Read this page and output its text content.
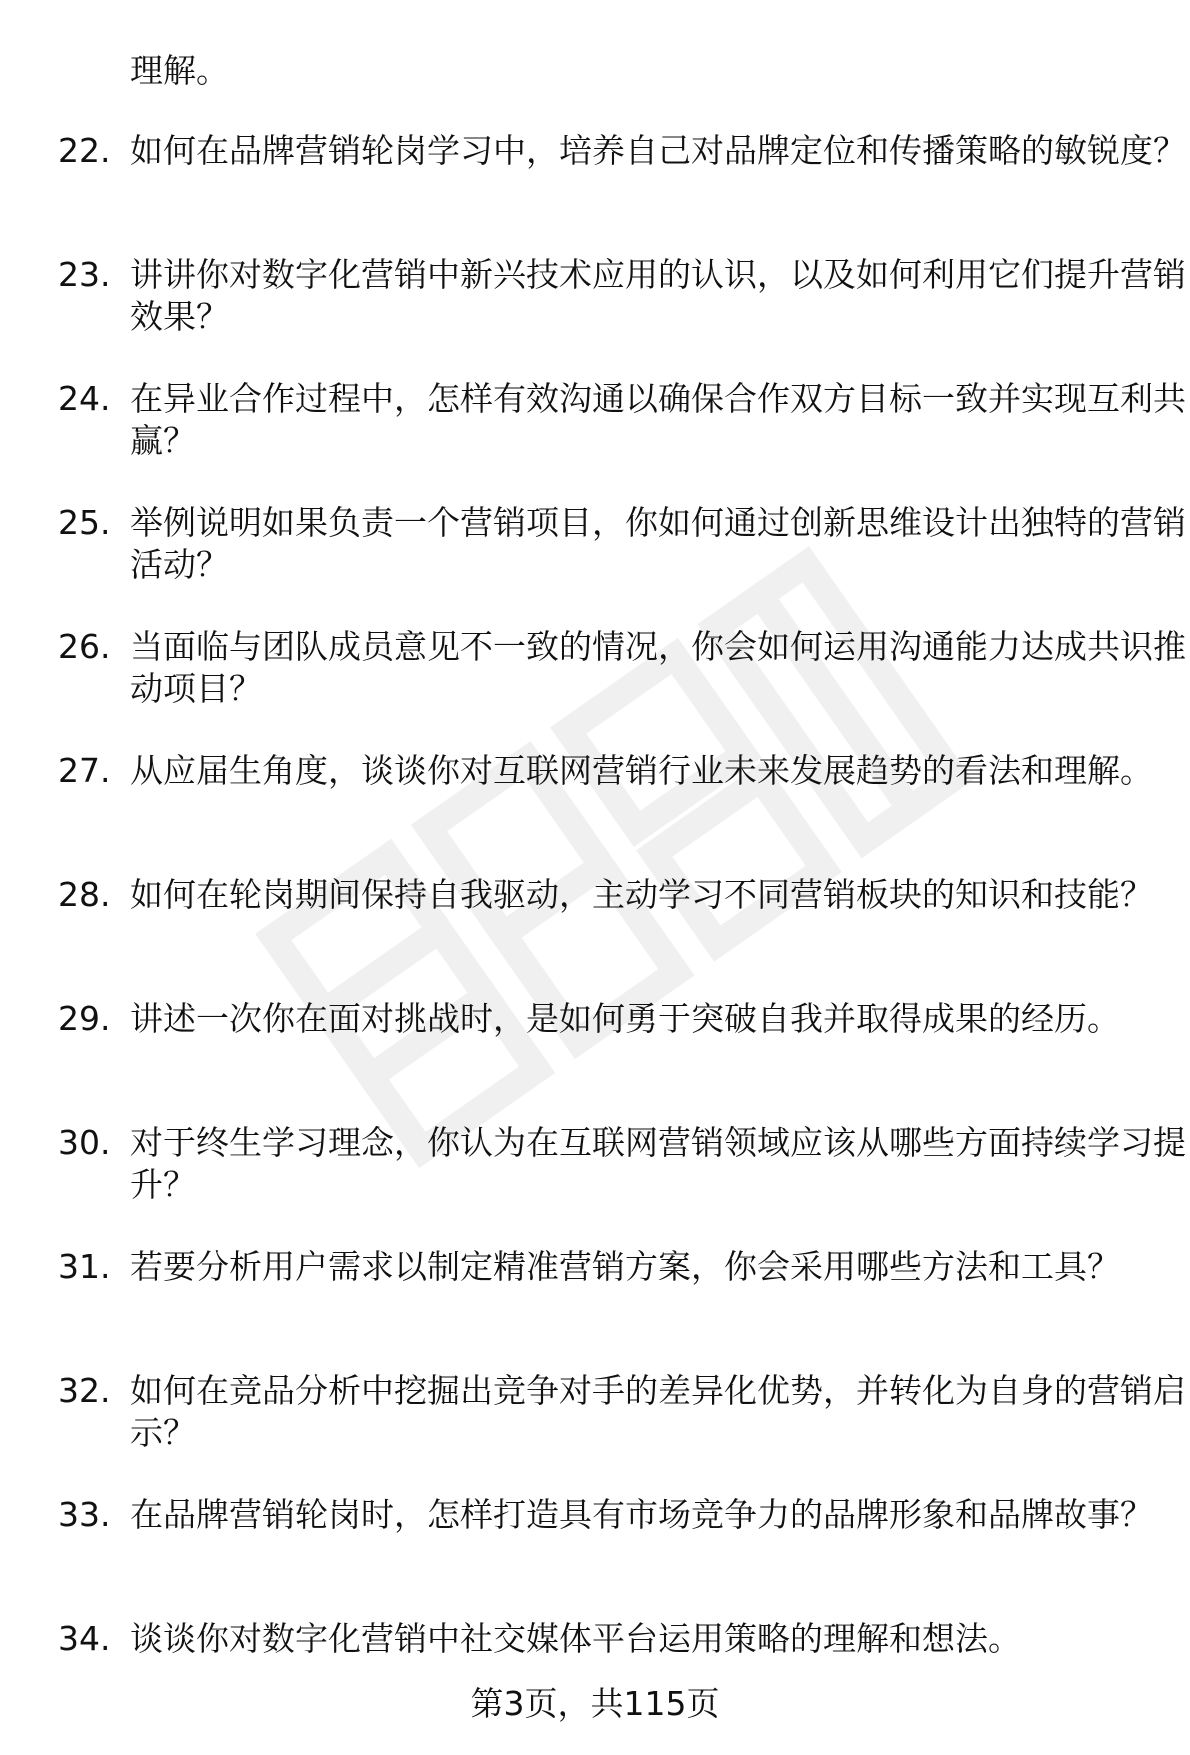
理解。

22. 如何在品牌营销轮岗学习中，培养自己对品牌定位和传播策略的敏锐度？
23. 讲讲你对数字化营销中新兴技术应用的认识，以及如何利用它们提升营销效果？
24. 在异业合作过程中，怎样有效沟通以确保合作双方目标一致并实现互利共赢？
25. 举例说明如果负责一个营销项目，你如何通过创新思维设计出独特的营销活动？
26. 当面临与团队成员意见不一致的情况，你会如何运用沟通能力达成共识推动项目？
27. 从应届生角度，谈谈你对互联网营销行业未来发展趋势的看法和理解。
28. 如何在轮岗期间保持自我驱动，主动学习不同营销板块的知识和技能？
29. 讲述一次你在面对挑战时，是如何勇于突破自我并取得成果的经历。
30. 对于终生学习理念，你认为在互联网营销领域应该从哪些方面持续学习提升？
31. 若要分析用户需求以制定精准营销方案，你会采用哪些方法和工具？
32. 如何在竞品分析中挖掘出竞争对手的差异化优势，并转化为自身的营销启示？
33. 在品牌营销轮岗时，怎样打造具有市场竞争力的品牌形象和品牌故事？
34. 谈谈你对数字化营销中社交媒体平台运用策略的理解和想法。
第3页，共115页
